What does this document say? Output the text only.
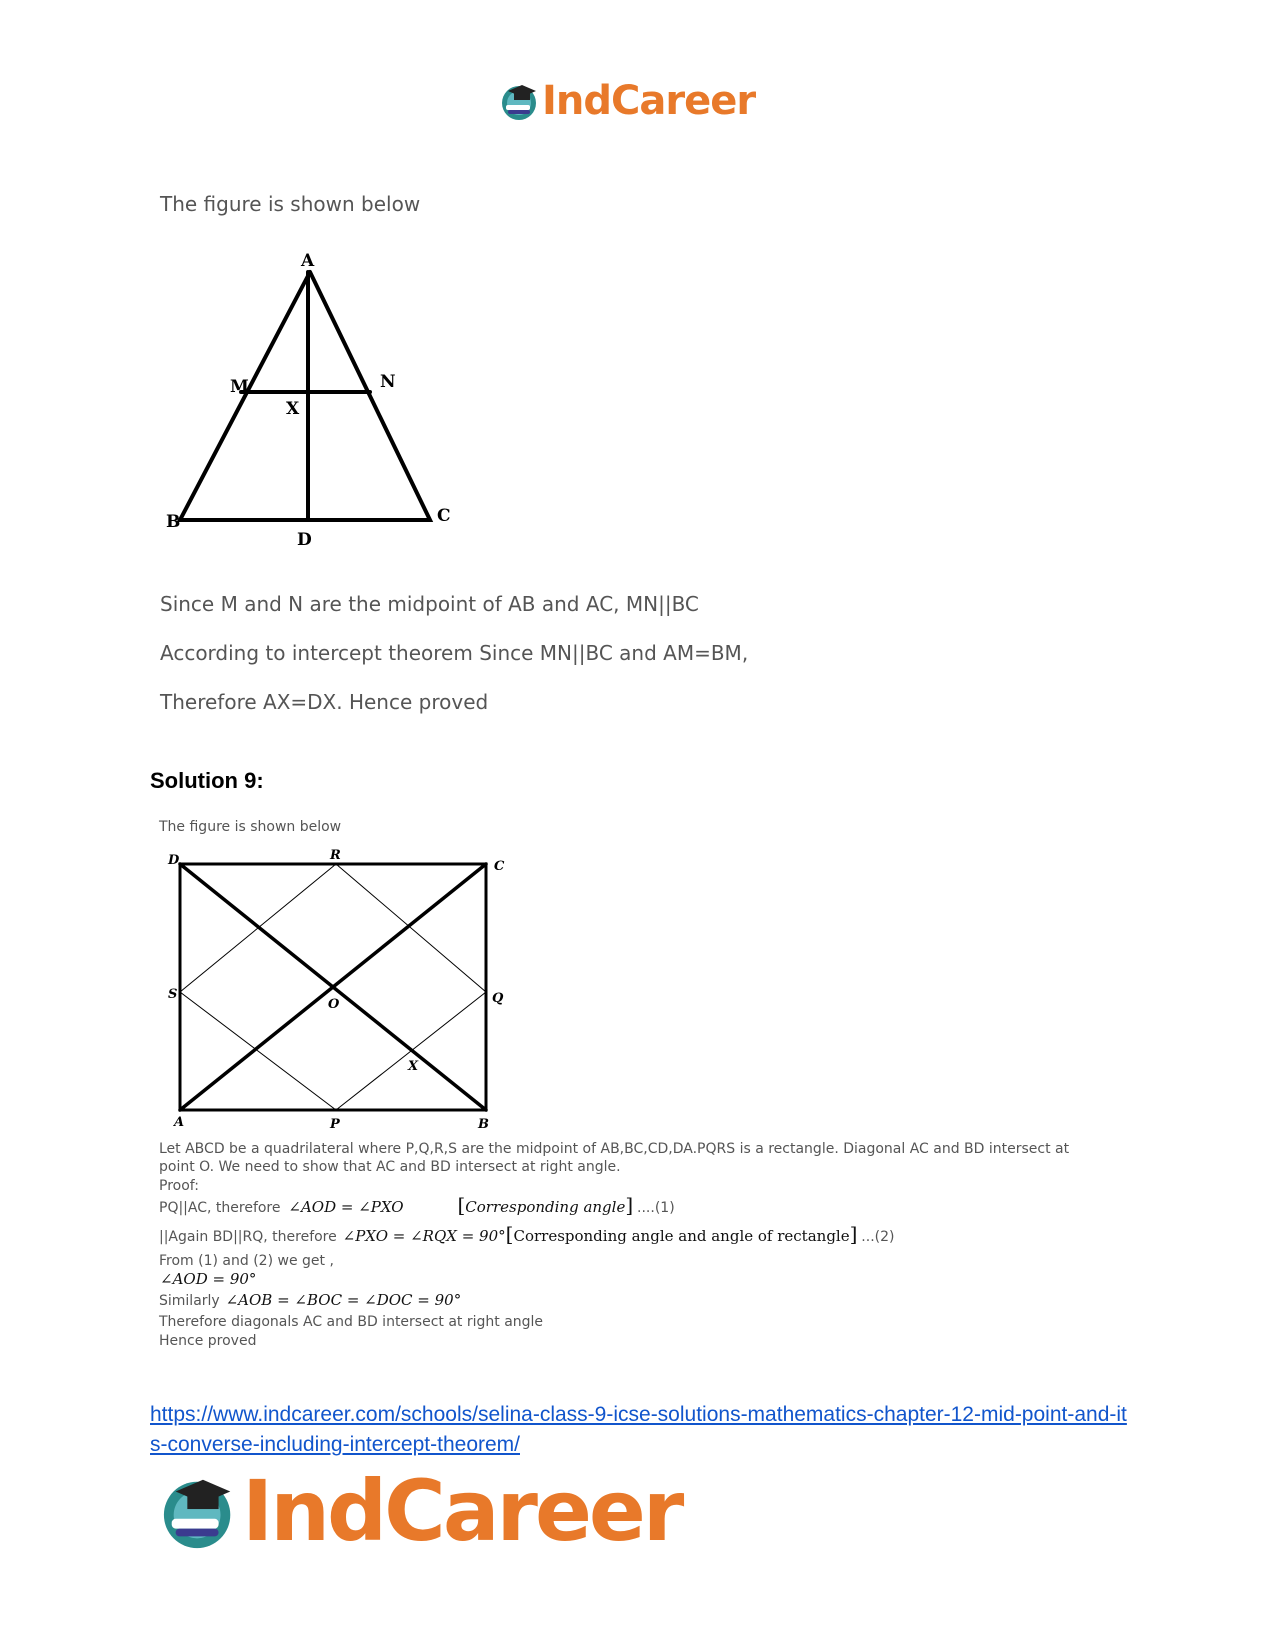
IndCareer
The figure is shown below
A
M	N
X
B
D
C
Since M and N are the midpoint of AB and AC, MN||BC
According to intercept theorem Since MN||BC and AM=BM,
Therefore AX=DX. Hence proved
Solution 9:
The figure is shown below
D	R
C
S
O	Q
X
A	P	B
Let ABCD be a quadrilateral where P,Q,R,S are the midpoint of AB,BC,CD,DA.PQRS is a rectangle. Diagonal AC and BD intersect at point O. We need to show that AC and BD intersect at right angle.
Proof:
PQ||AC, therefore ∠AOD = ∠PXO	[Corresponding angle] ....(1)
||Again BD||RQ, therefore ∠PXO = ∠RQX = 90°[Corresponding angle and angle of rectangle] ...(2)
From (1) and (2) we get ,
∠AOD = 90°
Similarly ∠AOB = ∠BOC = ∠DOC = 90°
Therefore diagonals AC and BD intersect at right angle
Hence proved
https://www.indcareer.com/schools/selina-class-9-icse-solutions-mathematics-chapter-12-mid-point-and-its-converse-including-intercept-theorem/
IndCareer
